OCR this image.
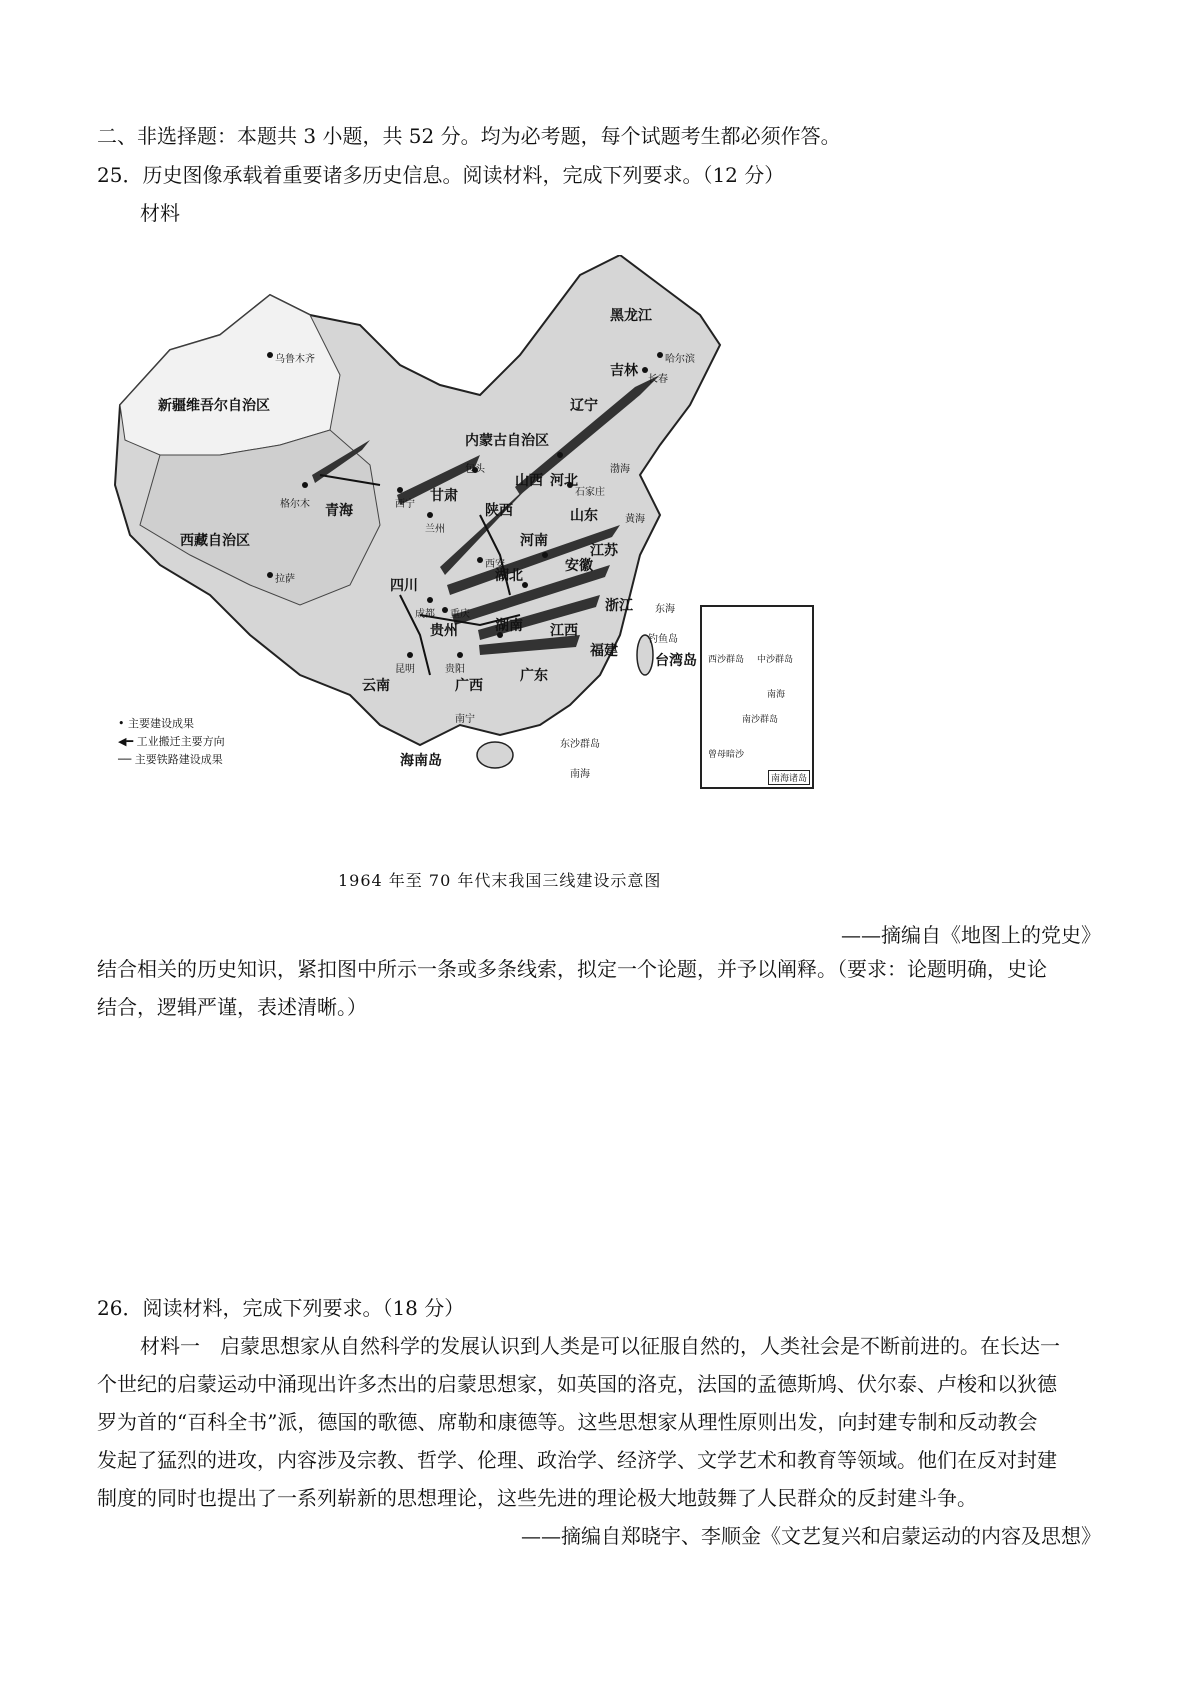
二、非选择题：本题共 3 小题，共 52 分。均为必考题，每个试题考生都必须作答。
25．历史图像承载着重要诸多历史信息。阅读材料，完成下列要求。（12 分）
材料
新疆维吾尔自治区
西藏自治区
黑龙江
吉林
内蒙古自治区
青海
甘肃
四川
贵州
云南	广西
湖南
湖北
河南
陕西
山西 河北
山东
江苏
安徽
浙江
江西
福建
广东
辽宁
台湾岛
海南岛
乌鲁木齐
格尔木
拉萨
西宁
兰州
包头
西安
成都 重庆
昆明	贵阳
南宁
哈尔滨
长春
石家庄
渤海
黄海
东海
南海
东沙群岛
钓鱼岛
西沙群岛 中沙群岛
南沙群岛
南海
曾母暗沙
南海诸岛
• 主要建设成果
◀━ 工业搬迁主要方向
── 主要铁路建设成果
1964 年至 70 年代末我国三线建设示意图
——摘编自《地图上的党史》
结合相关的历史知识，紧扣图中所示一条或多条线索，拟定一个论题，并予以阐释。（要求：论题明确，史论
结合，逻辑严谨，表述清晰。）
26．阅读材料，完成下列要求。（18 分）
材料一　启蒙思想家从自然科学的发展认识到人类是可以征服自然的，人类社会是不断前进的。在长达一
个世纪的启蒙运动中涌现出许多杰出的启蒙思想家，如英国的洛克，法国的孟德斯鸠、伏尔泰、卢梭和以狄德
罗为首的“百科全书”派，德国的歌德、席勒和康德等。这些思想家从理性原则出发，向封建专制和反动教会
发起了猛烈的进攻，内容涉及宗教、哲学、伦理、政治学、经济学、文学艺术和教育等领域。他们在反对封建
制度的同时也提出了一系列崭新的思想理论，这些先进的理论极大地鼓舞了人民群众的反封建斗争。
——摘编自郑晓宇、李顺金《文艺复兴和启蒙运动的内容及思想》
